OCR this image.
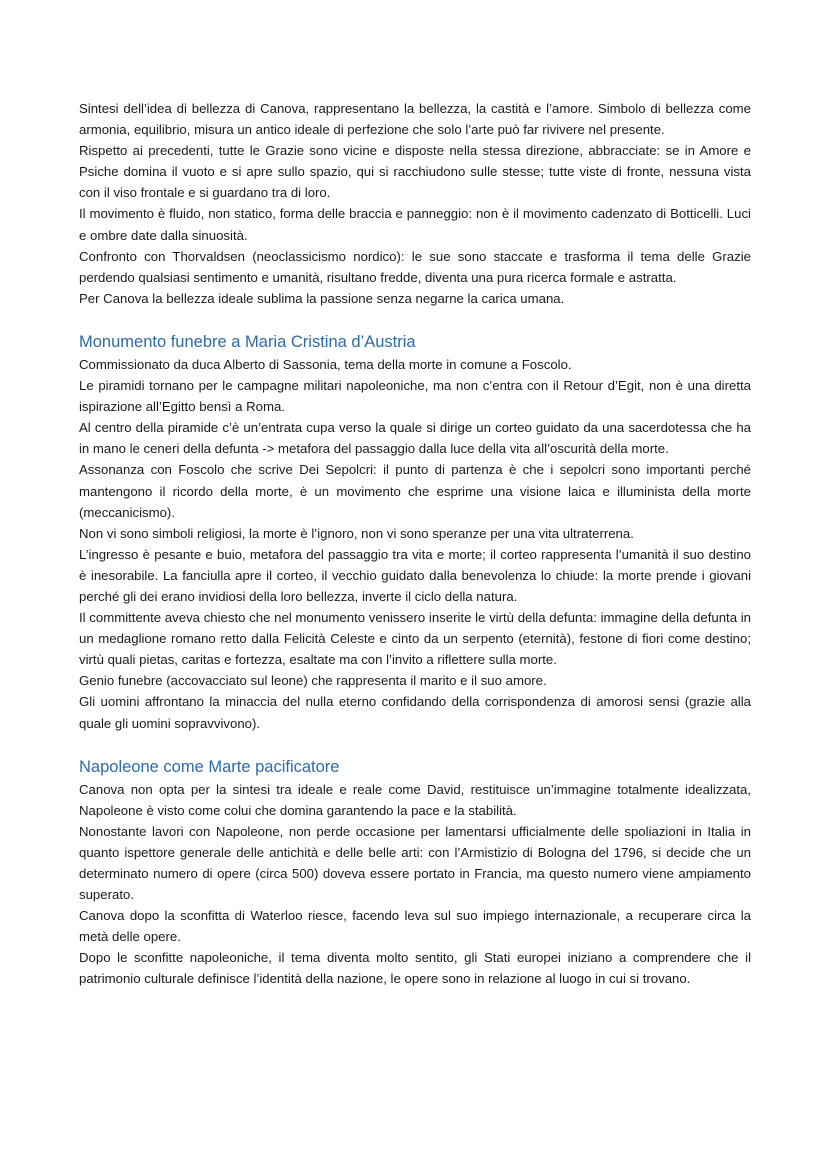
Sintesi dell’idea di bellezza di Canova, rappresentano la bellezza, la castità e l’amore. Simbolo di bellezza come armonia, equilibrio, misura un antico ideale di perfezione che solo l’arte può far rivivere nel presente.

Rispetto ai precedenti, tutte le Grazie sono vicine e disposte nella stessa direzione, abbracciate: se in Amore e Psiche domina il vuoto e si apre sullo spazio, qui si racchiudono sulle stesse; tutte viste di fronte, nessuna vista con il viso frontale e si guardano tra di loro.

Il movimento è fluido, non statico, forma delle braccia e panneggio: non è il movimento cadenzato di Botticelli. Luci e ombre date dalla sinuosità.

Confronto con Thorvaldsen (neoclassicismo nordico): le sue sono staccate e trasforma il tema delle Grazie perdendo qualsiasi sentimento e umanità, risultano fredde, diventa una pura ricerca formale e astratta.

Per Canova la bellezza ideale sublima la passione senza negarne la carica umana.

Monumento funebre a Maria Cristina d’Austria

Commissionato da duca Alberto di Sassonia, tema della morte in comune a Foscolo.

Le piramidi tornano per le campagne militari napoleoniche, ma non c’entra con il Retour d’Egit, non è una diretta ispirazione all’Egitto bensì a Roma.

Al centro della piramide c’è un’entrata cupa verso la quale si dirige un corteo guidato da una sacerdotessa che ha in mano le ceneri della defunta -> metafora del passaggio dalla luce della vita all’oscurità della morte.

Assonanza con Foscolo che scrive Dei Sepolcri: il punto di partenza è che i sepolcri sono importanti perché mantengono il ricordo della morte, è un movimento che esprime una visione laica e illuminista della morte (meccanicismo).

Non vi sono simboli religiosi, la morte è l’ignoro, non vi sono speranze per una vita ultraterrena.

L’ingresso è pesante e buio, metafora del passaggio tra vita e morte; il corteo rappresenta l’umanità il suo destino è inesorabile. La fanciulla apre il corteo, il vecchio guidato dalla benevolenza lo chiude: la morte prende i giovani perché gli dei erano invidiosi della loro bellezza, inverte il ciclo della natura.

Il committente aveva chiesto che nel monumento venissero inserite le virtù della defunta: immagine della defunta in un medaglione romano retto dalla Felicità Celeste e cinto da un serpento (eternità), festone di fiori come destino; virtù quali pietas, caritas e fortezza, esaltate ma con l’invito a riflettere sulla morte.

Genio funebre (accovacciato sul leone) che rappresenta il marito e il suo amore.

Gli uomini affrontano la minaccia del nulla eterno confidando della corrispondenza di amorosi sensi (grazie alla quale gli uomini sopravvivono).

Napoleone come Marte pacificatore

Canova non opta per la sintesi tra ideale e reale come David, restituisce un’immagine totalmente idealizzata, Napoleone è visto come colui che domina garantendo la pace e la stabilità.

Nonostante lavori con Napoleone, non perde occasione per lamentarsi ufficialmente delle spoliazioni in Italia in quanto ispettore generale delle antichità e delle belle arti: con l’Armistizio di Bologna del 1796, si decide che un determinato numero di opere (circa 500) doveva essere portato in Francia, ma questo numero viene ampiamento superato.

Canova dopo la sconfitta di Waterloo riesce, facendo leva sul suo impiego internazionale, a recuperare circa la metà delle opere.

Dopo le sconfitte napoleoniche, il tema diventa molto sentito, gli Stati europei iniziano a comprendere che il patrimonio culturale definisce l’identità della nazione, le opere sono in relazione al luogo in cui si trovano.
